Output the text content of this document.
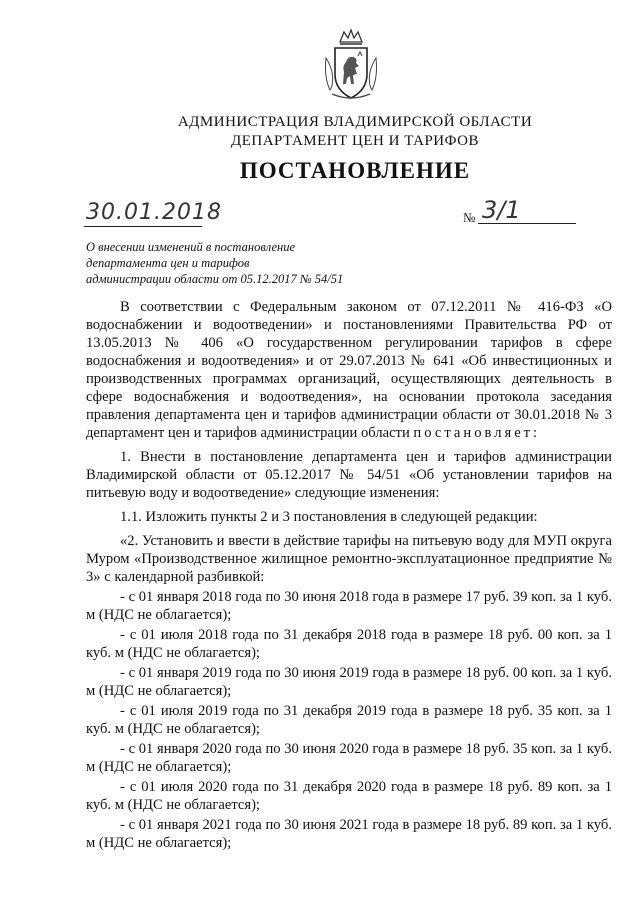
АДМИНИСТРАЦИЯ ВЛАДИМИРСКОЙ ОБЛАСТИ
ДЕПАРТАМЕНТ ЦЕН И ТАРИФОВ
ПОСТАНОВЛЕНИЕ
30.01.2018	№ 3/1
О внесении изменений в постановление
департамента цен и тарифов
администрации области от 05.12.2017 № 54/51

В соответствии с Федеральным законом от 07.12.2011 № 416-ФЗ «О водоснабжении и водоотведении» и постановлениями Правительства РФ от 13.05.2013 № 406 «О государственном регулировании тарифов в сфере водоснабжения и водоотведения» и от 29.07.2013 № 641 «Об инвестиционных и производственных программах организаций, осуществляющих деятельность в сфере водоснабжения и водоотведения», на основании протокола заседания правления департамента цен и тарифов администрации области от 30.01.2018 № 3 департамент цен и тарифов администрации области постановляет:

1. Внести в постановление департамента цен и тарифов администрации Владимирской области от 05.12.2017 № 54/51 «Об установлении тарифов на питьевую воду и водоотведение» следующие изменения:

1.1. Изложить пункты 2 и 3 постановления в следующей редакции:

«2. Установить и ввести в действие тарифы на питьевую воду для МУП округа Муром «Производственное жилищное ремонтно-эксплуатационное предприятие № 3» с календарной разбивкой:

- с 01 января 2018 года по 30 июня 2018 года в размере 17 руб. 39 коп. за 1 куб. м (НДС не облагается);

- с 01 июля 2018 года по 31 декабря 2018 года в размере 18 руб. 00 коп. за 1 куб. м (НДС не облагается);

- с 01 января 2019 года по 30 июня 2019 года в размере 18 руб. 00 коп. за 1 куб. м (НДС не облагается);

- с 01 июля 2019 года по 31 декабря 2019 года в размере 18 руб. 35 коп. за 1 куб. м (НДС не облагается);

- с 01 января 2020 года по 30 июня 2020 года в размере 18 руб. 35 коп. за 1 куб. м (НДС не облагается);

- с 01 июля 2020 года по 31 декабря 2020 года в размере 18 руб. 89 коп. за 1 куб. м (НДС не облагается);

- с 01 января 2021 года по 30 июня 2021 года в размере 18 руб. 89 коп. за 1 куб. м (НДС не облагается);
